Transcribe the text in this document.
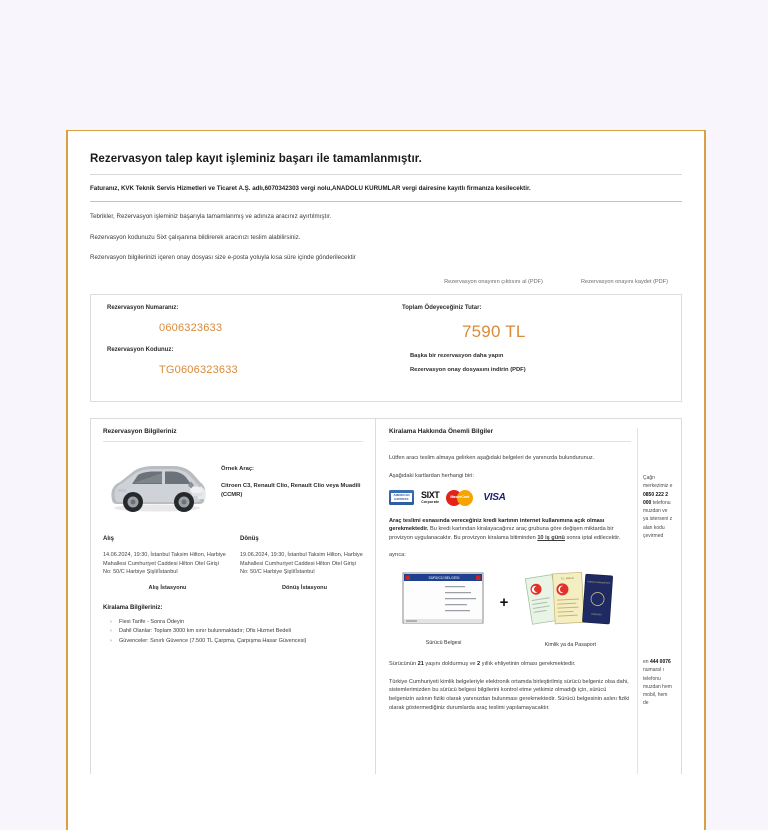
Rezervasyon talep kayıt işleminiz başarı ile tamamlanmıştır.
Faturanız, KVK Teknik Servis Hizmetleri ve Ticaret A.Ş. adlı,6070342303 vergi nolu,ANADOLU KURUMLAR vergi dairesine kayıtlı firmanıza kesilecektir.

Tebrikler, Rezervasyon işleminiz başarıyla tamamlanmış ve adınıza aracınız ayırtılmıştır.

Rezervasyon kodunuzu Sixt çalışanına bildirerek aracınızı teslim alabilirsiniz.

Rezervasyon bilgilerinizi içeren onay dosyası size e-posta yoluyla kısa süre içinde gönderilecektir

Rezervasyon onayının çıktısını al (PDF)	Rezervasyon onayını kaydet (PDF)
Rezervasyon Numaranız:
0606323633
Rezervasyon Kodunuz:
TG0606323633
Toplam Ödeyeceğiniz Tutar:
7590 TL
Başka bir rezervasyon daha yapın
Rezervasyon onay dosyasını indirin (PDF)
Rezervasyon Bilgileriniz
Örnek Araç:
Citroen C3, Renault Clio, Renault Clio veya Muadili (CCMR)
Alış
14.06.2024, 19:30, İstanbul Taksim Hilton, Harbiye Mahallesi Cumhuriyet Caddesi Hilton Otel Girişi No: 50/C Harbiye Şişli/İstanbul
Alış İstasyonu
Dönüş
19.06.2024, 19:30, İstanbul Taksim Hilton, Harbiye Mahallesi Cumhuriyet Caddesi Hilton Otel Girişi No: 50/C Harbiye Şişli/İstanbul
Dönüş İstasyonu
Kiralama Bilgileriniz:
› Flexi Tarife - Sonra Ödeyin
› Dahil Olanlar: Toplam 3000 km sınır bulunmaktadır; Ofis Hizmet Bedeli
› Güvenceler: Sınırlı Güvence (7.500 TL Çarpma, Çarpışma Hasar Güvencesi)
Kiralama Hakkında Önemli Bilgiler

Lütfen aracı teslim almaya gelirken aşağıdaki belgeleri de yanınızda bulundurunuz.

Aşağıdaki kartlardan herhangi biri:

AMERICAN
EXPRESS	SIXT
Corporate
MasterCard VISA

Araç teslimi esnasında vereceğiniz kredi kartının internet kullanımına açık olması gerekmektedir. Bu kredi kartından kiralayacağınız araç grubuna göre değişen miktarda bir provizyon uygulanacaktır. Bu provizyon kiralama bitiminden 10 iş günü sonra iptal edilecektir.

ayrıca:

SÜRÜCÜ BELGESİ
Sürücü Belgesi
+
T.C. KİMLİK
TÜRKİYE CUMHURİYETİ
PASAPORT
Kimlik ya da Pasaport

Sürücünün 21 yaşını doldurmuş ve 2 yıllık ehliyetinin olması gerekmektedir.

Türkiye Cumhuriyeti kimlik belgeleriyle elektronik ortamda birleştirilmiş sürücü belgeniz olsa dahi, sistemlerimizden bu sürücü belgesi bilgilerini kontrol etme yetkimiz olmadığı için, sürücü belgenizin aslının fiziki olarak yanınızdan bulunması gerekmektedir. Sürücü belgesinin aslını fiziki olarak göstermediğiniz durumlarda araç teslimi yapılamayacaktır.

Çağrı merkezimiz e 0850 222 2 000 telefonu muzdan ve ya isterseni z alan kodu çevirmed
en 444 0076 numaral ı telefonu muzdan hem mobil, hem de
